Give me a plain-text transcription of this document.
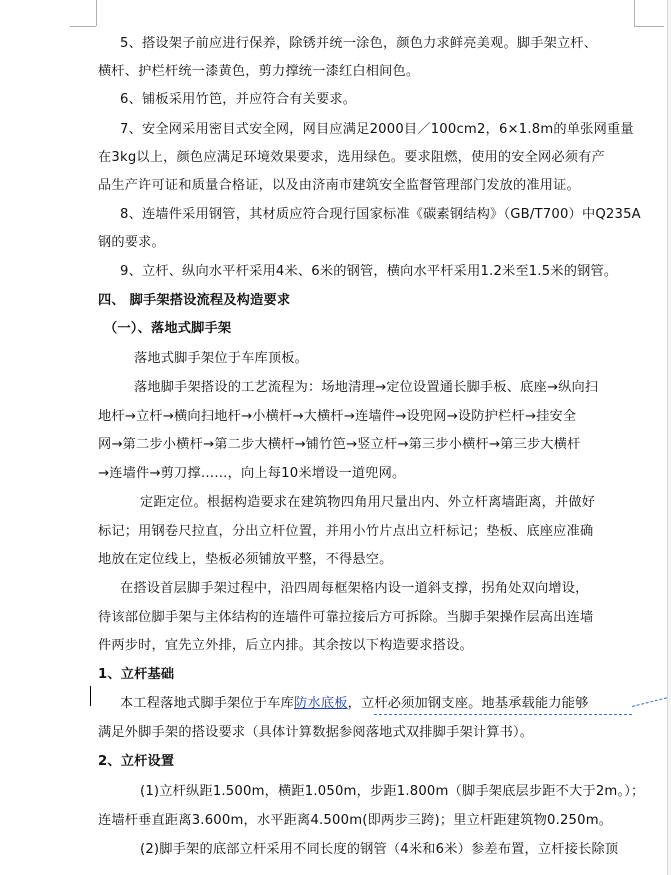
5、搭设架子前应进行保养，除锈并统一涂色，颜色力求鲜亮美观。脚手架立杆、
横杆、护栏杆统一漆黄色，剪力撑统一漆红白相间色。
6、铺板采用竹笆，并应符合有关要求。
7、安全网采用密目式安全网，网目应满足2000目／100cm2，6×1.8m的单张网重量
在3kg以上，颜色应满足环境效果要求，选用绿色。要求阻燃，使用的安全网必须有产
品生产许可证和质量合格证，以及由济南市建筑安全监督管理部门发放的准用证。
8、连墙件采用钢管，其材质应符合现行国家标准《碳素钢结构》（GB/T700）中Q235A
钢的要求。
9、立杆、纵向水平杆采用4米、6米的钢管，横向水平杆采用1.2米至1.5米的钢管。
四、 脚手架搭设流程及构造要求
（一）、落地式脚手架
落地式脚手架位于车库顶板。
落地脚手架搭设的工艺流程为：场地清理→定位设置通长脚手板、底座→纵向扫
地杆→立杆→横向扫地杆→小横杆→大横杆→连墙件→设兜网→设防护栏杆→挂安全
网→第二步小横杆→第二步大横杆→铺竹笆→竖立杆→第三步小横杆→第三步大横杆
→连墙件→剪刀撑……，向上每10米增设一道兜网。
定距定位。根据构造要求在建筑物四角用尺量出内、外立杆离墙距离，并做好
标记；用钢卷尺拉直，分出立杆位置，并用小竹片点出立杆标记；垫板、底座应准确
地放在定位线上，垫板必须铺放平整，不得悬空。
在搭设首层脚手架过程中，沿四周每框架格内设一道斜支撑，拐角处双向增设，
待该部位脚手架与主体结构的连墙件可靠拉接后方可拆除。当脚手架操作层高出连墙
件两步时，宜先立外排，后立内排。其余按以下构造要求搭设。
1、立杆基础
本工程落地式脚手架位于车库防水底板，立杆必须加钢支座。地基承载能力能够
满足外脚手架的搭设要求（具体计算数据参阅落地式双排脚手架计算书）。
2、立杆设置
(1)立杆纵距1.500m，横距1.050m，步距1.800m（脚手架底层步距不大于2m。）；
连墙杆垂直距离3.600m，水平距离4.500m(即两步三跨)；里立杆距建筑物0.250m。
(2)脚手架的底部立杆采用不同长度的钢管（4米和6米）参差布置，立杆接长除顶
